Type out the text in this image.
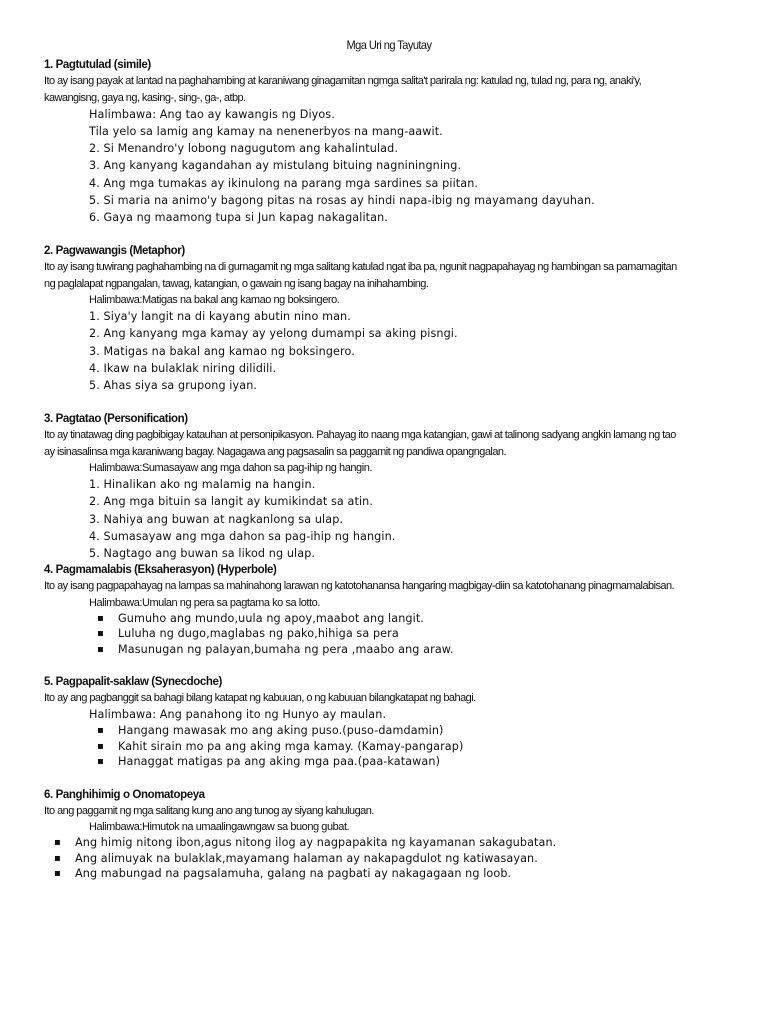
Mga Uri ng Tayutay

1. Pagtutulad (simile)

Ito ay isang payak at lantad na paghahambing at karaniwang ginagamitan ngmga salita't parirala ng: katulad ng, tulad ng, para ng, anaki'y,

kawangisng, gaya ng, kasing-, sing-, ga-, atbp.

Halimbawa: Ang tao ay kawangis ng Diyos.

Tila yelo sa lamig ang kamay na nenenerbyos na mang-aawit.

2. Si Menandro'y lobong nagugutom ang kahalintulad.

3. Ang kanyang kagandahan ay mistulang bituing nagniningning.

4. Ang mga tumakas ay ikinulong na parang mga sardines sa piitan.

5. Si maria na animo'y bagong pitas na rosas ay hindi napa-ibig ng mayamang dayuhan.

6. Gaya ng maamong tupa si Jun kapag nakagalitan.

2. Pagwawangis (Metaphor)

Ito ay isang tuwirang paghahambing na di gumagamit ng mga salitang katulad ngat iba pa, ngunit nagpapahayag ng hambingan sa pamamagitan

ng paglalapat ngpangalan, tawag, katangian, o gawain ng isang bagay na inihahambing.

Halimbawa:Matigas na bakal ang kamao ng boksingero.

1. Siya'y langit na di kayang abutin nino man.

2. Ang kanyang mga kamay ay yelong dumampi sa aking pisngi.

3. Matigas na bakal ang kamao ng boksingero.

4. Ikaw na bulaklak niring dilidili.

5. Ahas siya sa grupong iyan.

3. Pagtatao (Personification)

Ito ay tinatawag ding pagbibigay katauhan at personipikasyon. Pahayag ito naang mga katangian, gawi at talinong sadyang angkin lamang ng tao

ay isinasalinsa mga karaniwang bagay. Nagagawa ang pagsasalin sa paggamit ng pandiwa opangngalan.

Halimbawa:Sumasayaw ang mga dahon sa pag-ihip ng hangin.

1. Hinalikan ako ng malamig na hangin.

2. Ang mga bituin sa langit ay kumikindat sa atin.

3. Nahiya ang buwan at nagkanlong sa ulap.

4. Sumasayaw ang mga dahon sa pag-ihip ng hangin.

5. Nagtago ang buwan sa likod ng ulap.

4. Pagmamalabis (Eksaherasyon) (Hyperbole)

Ito ay isang pagpapahayag na lampas sa mahinahong larawan ng katotohanansa hangaring magbigay-diin sa katotohanang pinagmamalabisan.

Halimbawa:Umulan ng pera sa pagtama ko sa lotto.

▪ Gumuho ang mundo,uula ng apoy,maabot ang langit.
▪ Luluha ng dugo,maglabas ng pako,hihiga sa pera
▪ Masunugan ng palayan,bumaha ng pera ,maabo ang araw.

5. Pagpapalit-saklaw (Synecdoche)

Ito ay ang pagbanggit sa bahagi bilang katapat ng kabuuan, o ng kabuuan bilangkatapat ng bahagi.

Halimbawa: Ang panahong ito ng Hunyo ay maulan.

▪ Hangang mawasak mo ang aking puso.(puso-damdamin)
▪ Kahit sirain mo pa ang aking mga kamay. (Kamay-pangarap)
▪ Hanaggat matigas pa ang aking mga paa.(paa-katawan)

6. Panghihimig o Onomatopeya

Ito ang paggamit ng mga salitang kung ano ang tunog ay siyang kahulugan.

Halimbawa:Himutok na umaalingawngaw sa buong gubat.

▪ Ang himig nitong ibon,agus nitong ilog ay nagpapakita ng kayamanan sakagubatan.
▪ Ang alimuyak na bulaklak,mayamang halaman ay nakapagdulot ng katiwasayan.
▪ Ang mabungad na pagsalamuha, galang na pagbati ay nakagagaan ng loob.
